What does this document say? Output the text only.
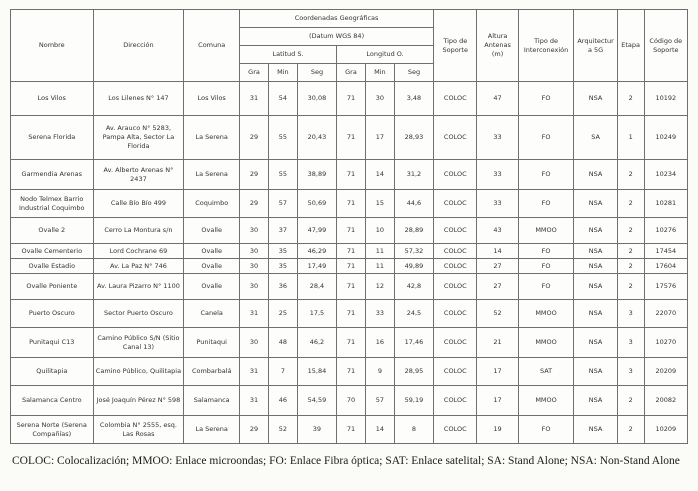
Nombre	Dirección	Comuna	Coordenadas Geográficas						Tipo de Soporte	Altura Antenas (m)	Tipo de Interconexión	Arquitectura 5G	Etapa	Código de Soporte
			(Datum WGS 84)											
			Latitud S.			Longitud O.								
			Gra	Min	Seg	Gra	Min	Seg						
Los Vilos	Los Lilenes N° 147	Los Vilos	31	54	30,08	71	30	3,48	COLOC	47	FO	NSA	2	10192
Serena Florida	Av. Arauco N° 5283, Pampa Alta, Sector La Florida	La Serena	29	55	20,43	71	17	28,93	COLOC	33	FO	SA	1	10249
Garmendia Arenas	Av. Alberto Arenas N° 2437	La Serena	29	55	38,89	71	14	31,2	COLOC	33	FO	NSA	2	10234
Nodo Telmex Barrio Industrial Coquimbo	Calle Bío Bío 499	Coquimbo	29	57	50,69	71	15	44,6	COLOC	33	FO	NSA	2	10281
Ovalle 2	Cerro La Montura s/n	Ovalle	30	37	47,99	71	10	28,89	COLOC	43	MMOO	NSA	2	10276
Ovalle Cementerio	Lord Cochrane 69	Ovalle	30	35	46,29	71	11	57,32	COLOC	14	FO	NSA	2	17454
Ovalle Estadio	Av. La Paz N° 746	Ovalle	30	35	17,49	71	11	49,89	COLOC	27	FO	NSA	2	17604
Ovalle Poniente	Av. Laura Pizarro N° 1100	Ovalle	30	36	28,4	71	12	42,8	COLOC	27	FO	NSA	2	17576
Puerto Oscuro	Sector Puerto Oscuro	Canela	31	25	17,5	71	33	24,5	COLOC	52	MMOO	NSA	3	22070
Punitaqui C13	Camino Público S/N (Sitio Canal 13)	Punitaqui	30	48	46,2	71	16	17,46	COLOC	21	MMOO	NSA	3	10270
Quilitapia	Camino Público, Quilitapia	Combarbalá	31	7	15,84	71	9	28,95	COLOC	17	SAT	NSA	3	20209
Salamanca Centro	José Joaquín Pérez N° 598	Salamanca	31	46	54,59	70	57	59,19	COLOC	17	MMOO	NSA	2	20082
Serena Norte (Serena Compañías)	Colombia N° 2555, esq. Las Rosas	La Serena	29	52	39	71	14	8	COLOC	19	FO	NSA	2	10209

COLOC: Colocalización; MMOO: Enlace microondas; FO: Enlace Fibra óptica; SAT: Enlace satelital; SA: Stand Alone; NSA: Non-Stand Alone
